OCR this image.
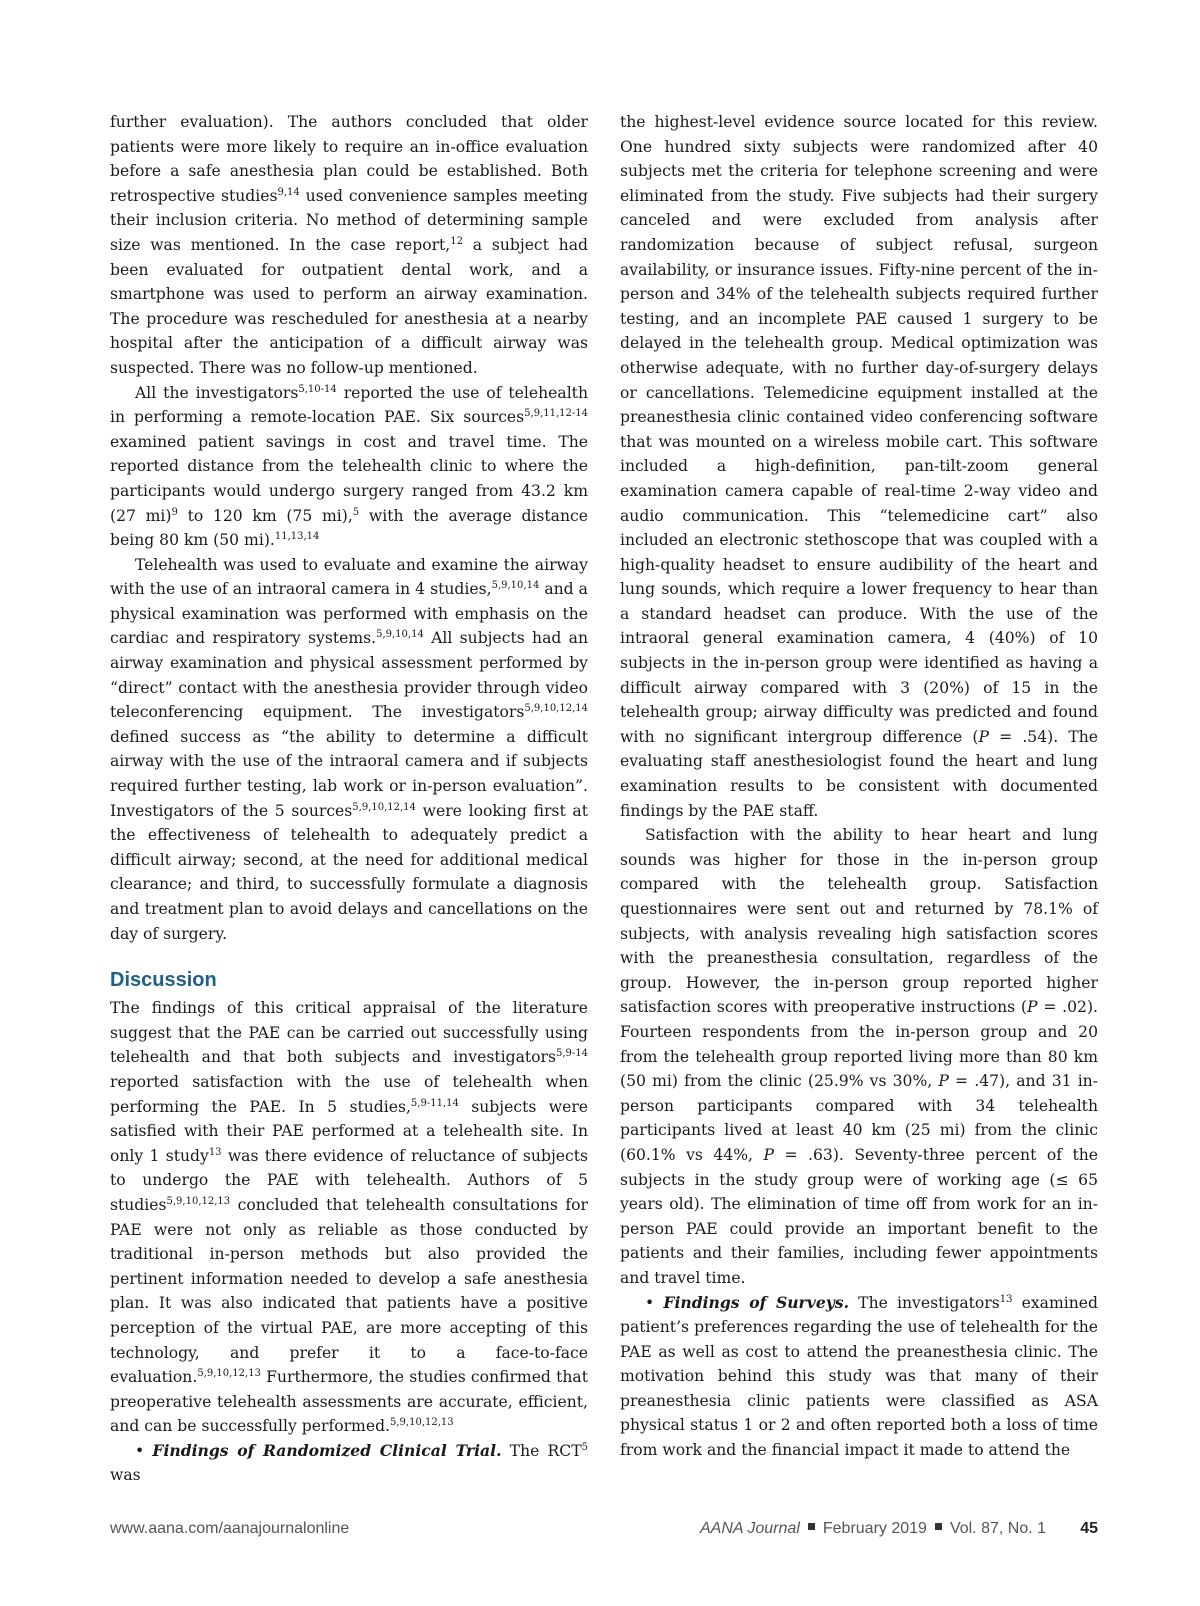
further evaluation). The authors concluded that older patients were more likely to require an in-office evaluation before a safe anesthesia plan could be established. Both retrospective studies$^{9,14}$ used convenience samples meeting their inclusion criteria. No method of determining sample size was mentioned. In the case report,$^{12}$ a subject had been evaluated for outpatient dental work, and a smartphone was used to perform an airway examination. The procedure was rescheduled for anesthesia at a nearby hospital after the anticipation of a difficult airway was suspected. There was no follow-up mentioned.

All the investigators$^{5,10-14}$ reported the use of telehealth in performing a remote-location PAE. Six sources$^{5,9,11,12-14}$ examined patient savings in cost and travel time. The reported distance from the telehealth clinic to where the participants would undergo surgery ranged from 43.2 km (27 mi)$^9$ to 120 km (75 mi),$^5$ with the average distance being 80 km (50 mi).$^{11,13,14}$

Telehealth was used to evaluate and examine the airway with the use of an intraoral camera in 4 studies,$^{5,9,10,14}$ and a physical examination was performed with emphasis on the cardiac and respiratory systems.$^{5,9,10,14}$ All subjects had an airway examination and physical assessment performed by “direct” contact with the anesthesia provider through video teleconferencing equipment. The investigators$^{5,9,10,12,14}$ defined success as “the ability to determine a difficult airway with the use of the intraoral camera and if subjects required further testing, lab work or in-person evaluation”. Investigators of the 5 sources$^{5,9,10,12,14}$ were looking first at the effectiveness of telehealth to adequately predict a difficult airway; second, at the need for additional medical clearance; and third, to successfully formulate a diagnosis and treatment plan to avoid delays and cancellations on the day of surgery.

Discussion

The findings of this critical appraisal of the literature suggest that the PAE can be carried out successfully using telehealth and that both subjects and investigators$^{5,9-14}$ reported satisfaction with the use of telehealth when performing the PAE. In 5 studies,$^{5,9-11,14}$ subjects were satisfied with their PAE performed at a telehealth site. In only 1 study$^{13}$ was there evidence of reluctance of subjects to undergo the PAE with telehealth. Authors of 5 studies$^{5,9,10,12,13}$ concluded that telehealth consultations for PAE were not only as reliable as those conducted by traditional in-person methods but also provided the pertinent information needed to develop a safe anesthesia plan. It was also indicated that patients have a positive perception of the virtual PAE, are more accepting of this technology, and prefer it to a face-to-face evaluation.$^{5,9,10,12,13}$ Furthermore, the studies confirmed that preoperative telehealth assessments are accurate, efficient, and can be successfully performed.$^{5,9,10,12,13}$

• Findings of Randomized Clinical Trial. The RCT$^5$ was

the highest-level evidence source located for this review. One hundred sixty subjects were randomized after 40 subjects met the criteria for telephone screening and were eliminated from the study. Five subjects had their surgery canceled and were excluded from analysis after randomization because of subject refusal, surgeon availability, or insurance issues. Fifty-nine percent of the in-person and 34% of the telehealth subjects required further testing, and an incomplete PAE caused 1 surgery to be delayed in the telehealth group. Medical optimization was otherwise adequate, with no further day-of-surgery delays or cancellations. Telemedicine equipment installed at the preanesthesia clinic contained video conferencing software that was mounted on a wireless mobile cart. This software included a high-definition, pan-tilt-zoom general examination camera capable of real-time 2-way video and audio communication. This “telemedicine cart” also included an electronic stethoscope that was coupled with a high-quality headset to ensure audibility of the heart and lung sounds, which require a lower frequency to hear than a standard headset can produce. With the use of the intraoral general examination camera, 4 (40%) of 10 subjects in the in-person group were identified as having a difficult airway compared with 3 (20%) of 15 in the telehealth group; airway difficulty was predicted and found with no significant intergroup difference (P = .54). The evaluating staff anesthesiologist found the heart and lung examination results to be consistent with documented findings by the PAE staff.

Satisfaction with the ability to hear heart and lung sounds was higher for those in the in-person group compared with the telehealth group. Satisfaction questionnaires were sent out and returned by 78.1% of subjects, with analysis revealing high satisfaction scores with the preanesthesia consultation, regardless of the group. However, the in-person group reported higher satisfaction scores with preoperative instructions (P = .02). Fourteen respondents from the in-person group and 20 from the telehealth group reported living more than 80 km (50 mi) from the clinic (25.9% vs 30%, P = .47), and 31 in-person participants compared with 34 telehealth participants lived at least 40 km (25 mi) from the clinic (60.1% vs 44%, P = .63). Seventy-three percent of the subjects in the study group were of working age (≤ 65 years old). The elimination of time off from work for an in-person PAE could provide an important benefit to the patients and their families, including fewer appointments and travel time.

• Findings of Surveys. The investigators$^{13}$ examined patient’s preferences regarding the use of telehealth for the PAE as well as cost to attend the preanesthesia clinic. The motivation behind this study was that many of their preanesthesia clinic patients were classified as ASA physical status 1 or 2 and often reported both a loss of time from work and the financial impact it made to attend the

www.aana.com/aanajournalonline	AANA Journal February 2019 Vol. 87, No. 1 45
